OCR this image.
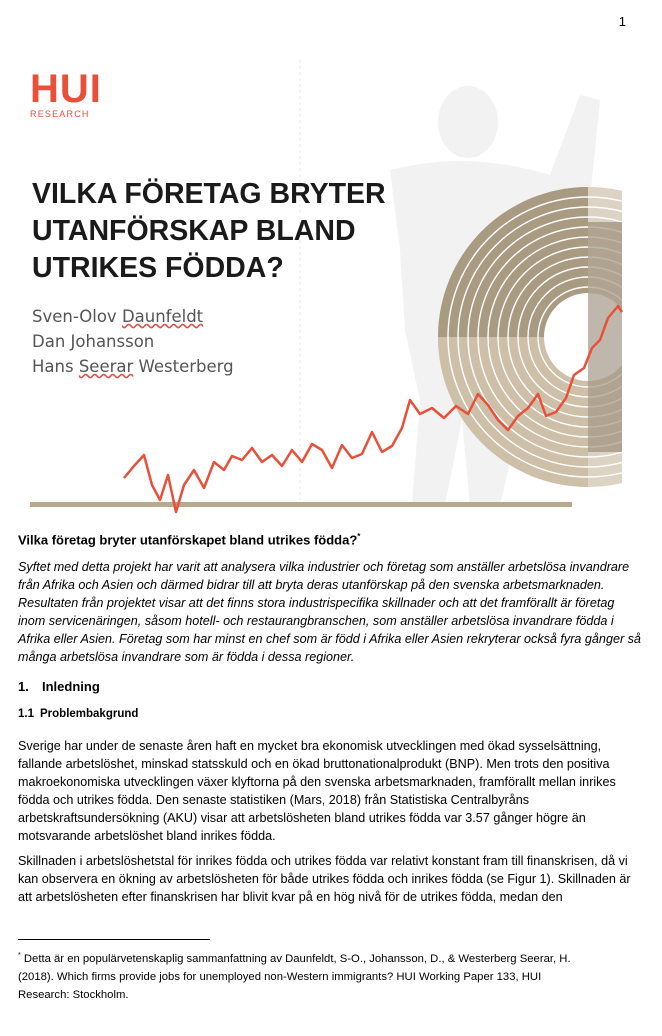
1
HUI
RESEARCH
VILKA FÖRETAG BRYTER
UTANFÖRSKAP BLAND
UTRIKES FÖDDA?
Sven-Olov Daunfeldt
Dan Johansson
Hans Seerar Westerberg
Vilka företag bryter utanförskapet bland utrikes födda?*
Syftet med detta projekt har varit att analysera vilka industrier och företag som anställer arbetslösa invandrare
från Afrika och Asien och därmed bidrar till att bryta deras utanförskap på den svenska arbetsmarknaden.
Resultaten från projektet visar att det finns stora industrispecifika skillnader och att det framförallt är företag
inom servicenäringen, såsom hotell- och restaurangbranschen, som anställer arbetslösa invandrare födda i
Afrika eller Asien. Företag som har minst en chef som är född i Afrika eller Asien rekryterar också fyra gånger så
många arbetslösa invandrare som är födda i dessa regioner.
1. Inledning
1.1 Problembakgrund
Sverige har under de senaste åren haft en mycket bra ekonomisk utvecklingen med ökad sysselsättning,
fallande arbetslöshet, minskad statsskuld och en ökad bruttonationalprodukt (BNP). Men trots den positiva
makroekonomiska utvecklingen växer klyftorna på den svenska arbetsmarknaden, framförallt mellan inrikes
födda och utrikes födda. Den senaste statistiken (Mars, 2018) från Statistiska Centralbyråns
arbetskraftsundersökning (AKU) visar att arbetslösheten bland utrikes födda var 3.57 gånger högre än
motsvarande arbetslöshet bland inrikes födda.
Skillnaden i arbetslöshetstal för inrikes födda och utrikes födda var relativt konstant fram till finanskrisen, då vi
kan observera en ökning av arbetslösheten för både utrikes födda och inrikes födda (se Figur 1). Skillnaden är
att arbetslösheten efter finanskrisen har blivit kvar på en hög nivå för de utrikes födda, medan den
* Detta är en populärvetenskaplig sammanfattning av Daunfeldt, S-O., Johansson, D., & Westerberg Seerar, H.
(2018). Which firms provide jobs for unemployed non-Western immigrants? HUI Working Paper 133, HUI
Research: Stockholm.
